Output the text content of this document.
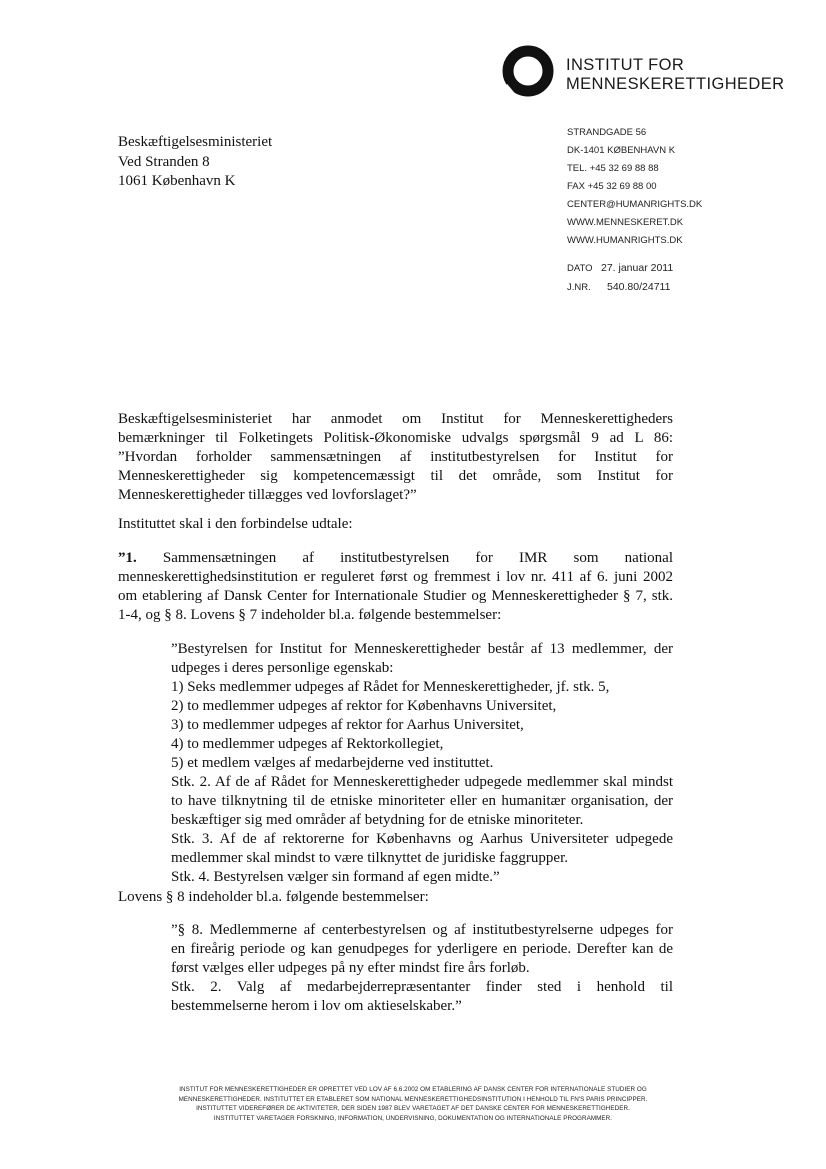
INSTITUT FOR
MENNESKERETTIGHEDER
Beskæftigelsesministeriet
Ved Stranden 8
1061 København K
STRANDGADE 56
DK-1401 KØBENHAVN K
TEL. +45 32 69 88 88
FAX +45 32 69 88 00
CENTER@HUMANRIGHTS.DK
WWW.MENNESKERET.DK
WWW.HUMANRIGHTS.DK
DATO 27. januar 2011
J.NR. 540.80/24711
Beskæftigelsesministeriet har anmodet om Institut for Menneskerettigheders
bemærkninger til Folketingets Politisk-Økonomiske udvalgs spørgsmål 9 ad L 86:
”Hvordan forholder sammensætningen af institutbestyrelsen for Institut for
Menneskerettigheder sig kompetencemæssigt til det område, som Institut for
Menneskerettigheder tillægges ved lovforslaget?”
Instituttet skal i den forbindelse udtale:
”1. Sammensætningen af institutbestyrelsen for IMR som national
menneskerettighedsinstitution er reguleret først og fremmest i lov nr. 411 af 6. juni 2002
om etablering af Dansk Center for Internationale Studier og Menneskerettigheder § 7, stk.
1-4, og § 8. Lovens § 7 indeholder bl.a. følgende bestemmelser:
”Bestyrelsen for Institut for Menneskerettigheder består af 13 medlemmer, der
udpeges i deres personlige egenskab:
1) Seks medlemmer udpeges af Rådet for Menneskerettigheder, jf. stk. 5,
2) to medlemmer udpeges af rektor for Københavns Universitet,
3) to medlemmer udpeges af rektor for Aarhus Universitet,
4) to medlemmer udpeges af Rektorkollegiet,
5) et medlem vælges af medarbejderne ved instituttet.
Stk. 2. Af de af Rådet for Menneskerettigheder udpegede medlemmer skal mindst
to have tilknytning til de etniske minoriteter eller en humanitær organisation, der
beskæftiger sig med områder af betydning for de etniske minoriteter.
Stk. 3. Af de af rektorerne for Københavns og Aarhus Universiteter udpegede
medlemmer skal mindst to være tilknyttet de juridiske faggrupper.
Stk. 4. Bestyrelsen vælger sin formand af egen midte.”
Lovens § 8 indeholder bl.a. følgende bestemmelser:
”§ 8. Medlemmerne af centerbestyrelsen og af institutbestyrelserne udpeges for
en fireårig periode og kan genudpeges for yderligere en periode. Derefter kan de
først vælges eller udpeges på ny efter mindst fire års forløb.
Stk. 2. Valg af medarbejderrepræsentanter finder sted i henhold til
bestemmelserne herom i lov om aktieselskaber.”
INSTITUT FOR MENNESKERETTIGHEDER ER OPRETTET VED LOV AF 6.6.2002 OM ETABLERING AF DANSK CENTER FOR INTERNATIONALE STUDIER OG
MENNESKERETTIGHEDER. INSTITUTTET ER ETABLERET SOM NATIONAL MENNESKERETTIGHEDSINSTITUTION I HENHOLD TIL FN'S PARIS PRINCIPPER.
INSTITUTTET VIDEREFØRER DE AKTIVITETER, DER SIDEN 1987 BLEV VARETAGET AF DET DANSKE CENTER FOR MENNESKERETTIGHEDER.
INSTITUTTET VARETAGER FORSKNING, INFORMATION, UNDERVISNING, DOKUMENTATION OG INTERNATIONALE PROGRAMMER.
